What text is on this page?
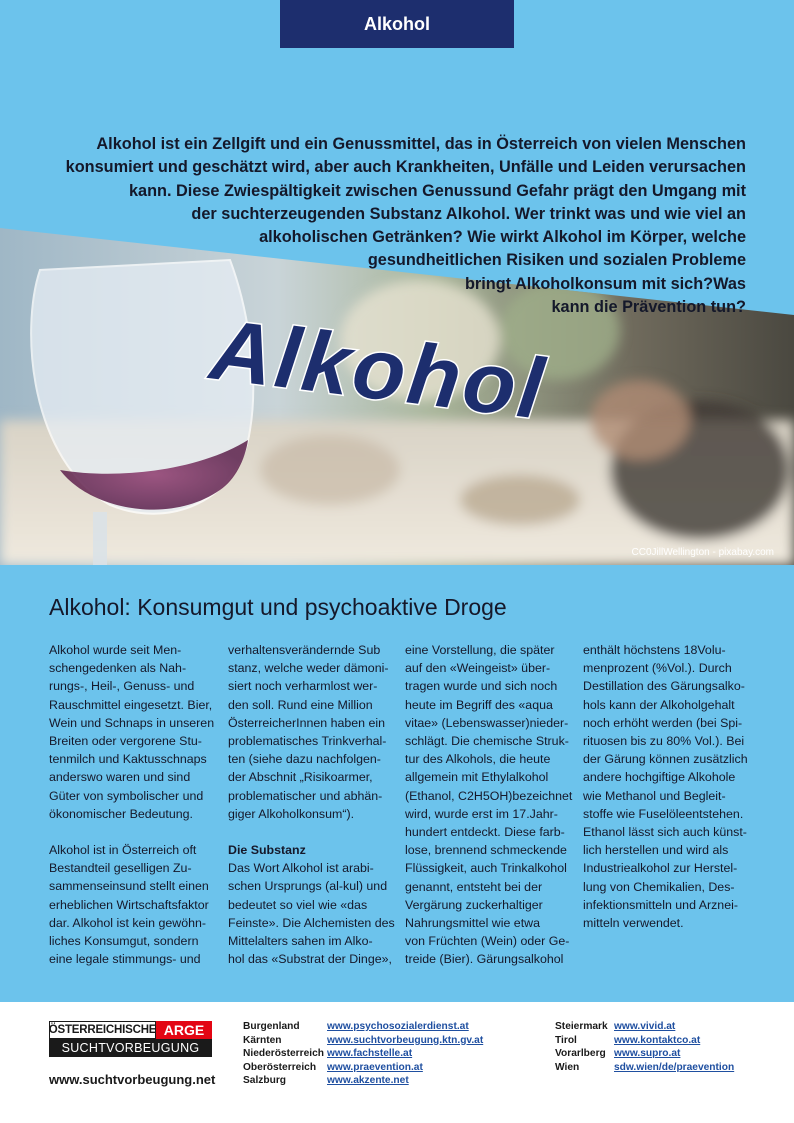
Alkohol
Alkohol ist ein Zellgift und ein Genussmittel, das in Österreich von vielen Menschen
konsumiert und geschätzt wird, aber auch Krankheiten, Unfälle und Leiden verursachen
kann. Diese Zwiespältigkeit zwischen Genussund Gefahr prägt den Umgang mit
der suchterzeugenden Substanz Alkohol. Wer trinkt was und wie viel an
alkoholischen Getränken? Wie wirkt Alkohol im Körper, welche
gesundheitlichen Risiken und sozialen Probleme
bringt Alkoholkonsum mit sich?Was
kann die Prävention tun?
Alkohol
CC0JillWellington - pixabay.com
Alkohol: Konsumgut und psychoaktive Droge
Alkohol wurde seit Men-
schengedenken als Nah-
rungs-, Heil-, Genuss- und
Rauschmittel eingesetzt. Bier,
Wein und Schnaps in unseren
Breiten oder vergorene Stu-
tenmilch und Kaktusschnaps
anderswo waren und sind
Güter von symbolischer und
ökonomischer Bedeutung.
Alkohol ist in Österreich oft
Bestandteil geselligen Zu-
sammenseinsund stellt einen
erheblichen Wirtschaftsfaktor
dar. Alkohol ist kein gewöhn-
liches Konsumgut, sondern
eine legale stimmungs- und
verhaltensverändernde Sub
stanz, welche weder dämoni-
siert noch verharmlost wer-
den soll. Rund eine Million
ÖsterreicherInnen haben ein
problematisches Trinkverhal-
ten (siehe dazu nachfolgen-
der Abschnit „Risikoarmer,
problematischer und abhän-
giger Alkoholkonsum“).
Die Substanz
Das Wort Alkohol ist arabi-
schen Ursprungs (al-kul) und
bedeutet so viel wie «das
Feinste». Die Alchemisten des
Mittelalters sahen im Alko-
hol das «Substrat der Dinge»,
eine Vorstellung, die später
auf den «Weingeist» über-
tragen wurde und sich noch
heute im Begriff des «aqua
vitae» (Lebenswasser)nieder-
schlägt. Die chemische Struk-
tur des Alkohols, die heute
allgemein mit Ethylalkohol
(Ethanol, C2H5OH)bezeichnet
wird, wurde erst im 17.Jahr-
hundert entdeckt. Diese farb-
lose, brennend schmeckende
Flüssigkeit, auch Trinkalkohol
genannt, entsteht bei der
Vergärung zuckerhaltiger
Nahrungsmittel wie etwa
von Früchten (Wein) oder Ge-
treide (Bier). Gärungsalkohol
enthält höchstens 18Volu-
menprozent (%Vol.). Durch
Destillation des Gärungsalko-
hols kann der Alkoholgehalt
noch erhöht werden (bei Spi-
rituosen bis zu 80% Vol.). Bei
der Gärung können zusätzlich
andere hochgiftige Alkohole
wie Methanol und Begleit-
stoffe wie Fuselöleentstehen.
Ethanol lässt sich auch künst-
lich herstellen und wird als
Industriealkohol zur Herstel-
lung von Chemikalien, Des-
infektionsmitteln und Arznei-
mitteln verwendet.
ÖSTERREICHISCHE ARGE
SUCHTVORBEUGUNG
www.suchtvorbeugung.net
Burgenland	www.psychosozialerdienst.at
Kärnten	www.suchtvorbeugung.ktn.gv.at
Niederösterreich www.fachstelle.at
Oberösterreich	www.praevention.at
Salzburg	www.akzente.net
Steiermark www.vivid.at
Tirol	www.kontaktco.at
Vorarlberg www.supro.at
Wien	sdw.wien/de/praevention
